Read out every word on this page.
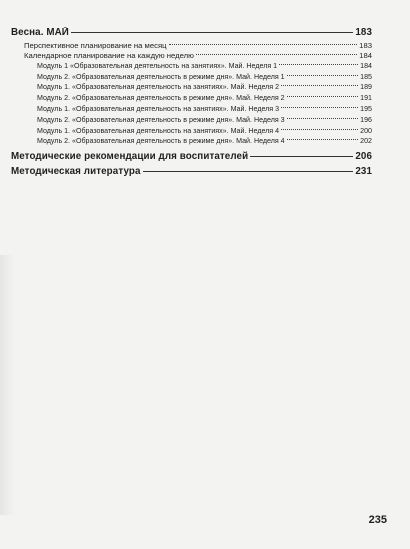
Весна. МАЙ	183
Перспективное планирование на месяц	183
Календарное планирование на каждую неделю	184
Модуль 1 «Образовательная деятельность на занятиях». Май. Неделя 1	184
Модуль 2. «Образовательная деятельность в режиме дня». Май. Неделя 1	185
Модуль 1. «Образовательная деятельность на занятиях». Май. Неделя 2	189
Модуль 2. «Образовательная деятельность в режиме дня». Май. Неделя 2	191
Модуль 1. «Образовательная деятельность на занятиях». Май. Неделя 3	195
Модуль 2. «Образовательная деятельность в режиме дня». Май. Неделя 3	196
Модуль 1. «Образовательная деятельность на занятиях». Май. Неделя 4	200
Модуль 2. «Образовательная деятельность в режиме дня». Май. Неделя 4	202
Методические рекомендации для воспитателей	206
Методическая литература	231
235
